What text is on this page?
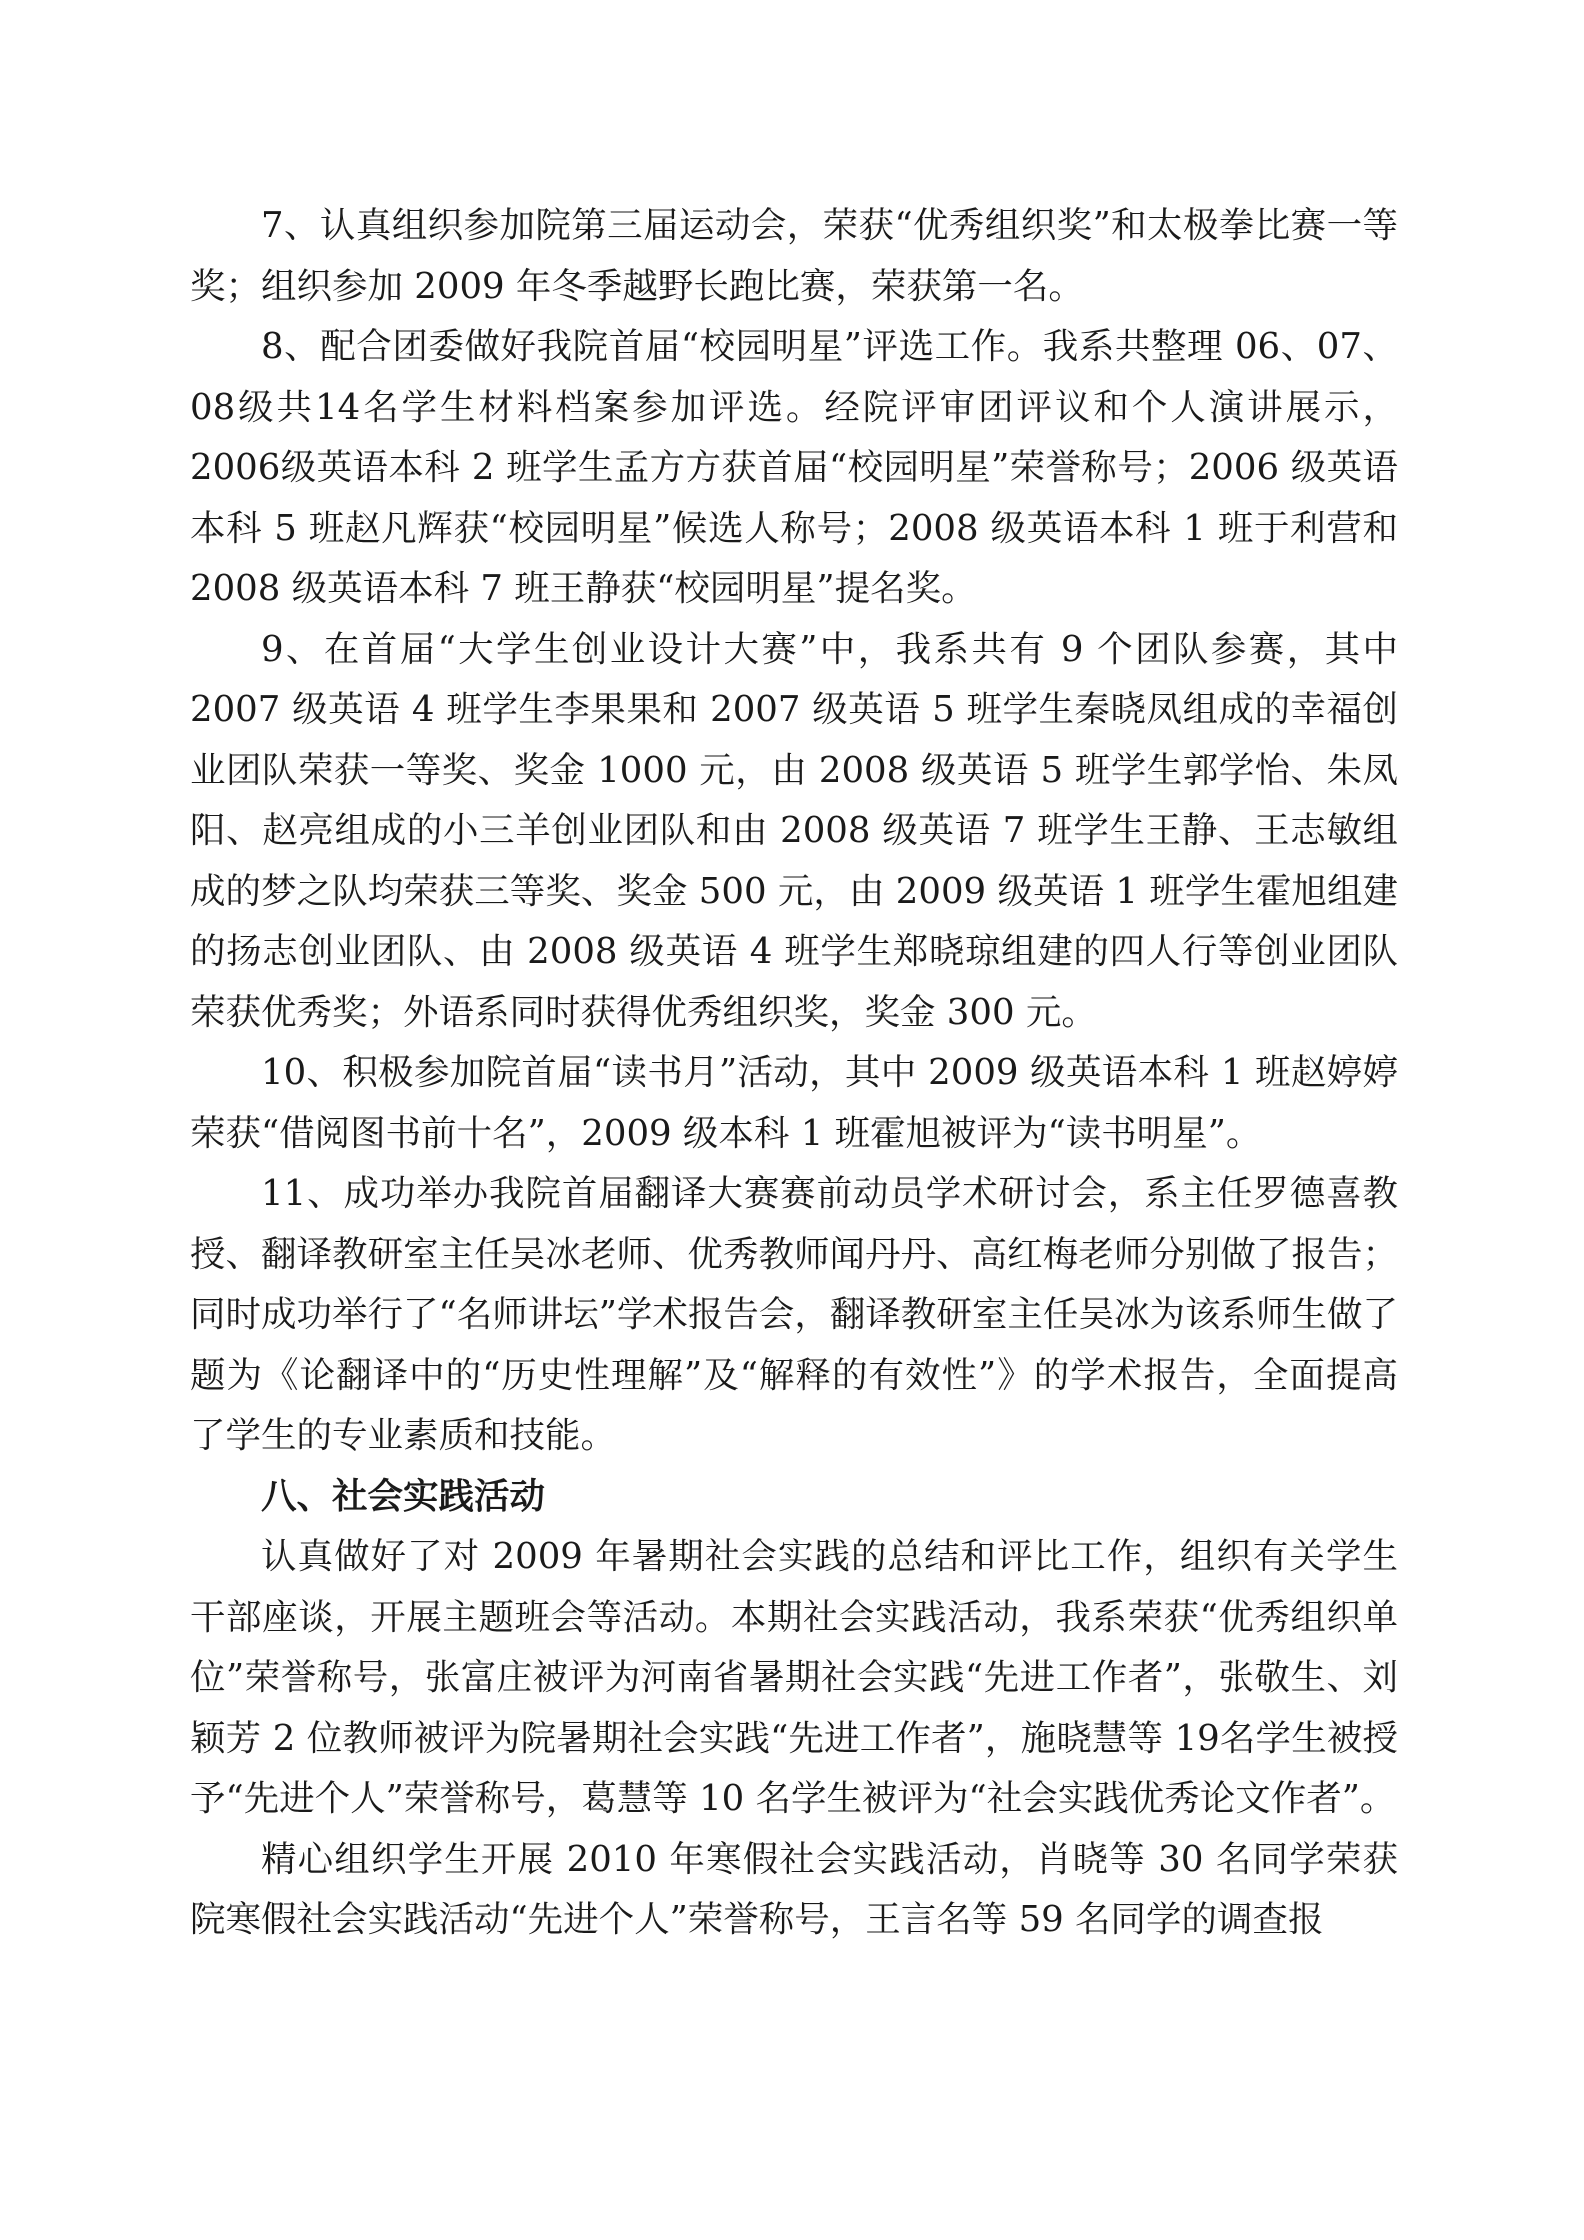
7、认真组织参加院第三届运动会，荣获“优秀组织奖”和太极拳比赛一等奖；组织参加 2009 年冬季越野长跑比赛，荣获第一名。

8、配合团委做好我院首届“校园明星”评选工作。我系共整理 06、07、08级共14名学生材料档案参加评选。经院评审团评议和个人演讲展示，2006级英语本科 2 班学生孟方方获首届“校园明星”荣誉称号；2006 级英语本科 5 班赵凡辉获“校园明星”候选人称号；2008 级英语本科 1 班于利营和2008 级英语本科 7 班王静获“校园明星”提名奖。

9、在首届“大学生创业设计大赛”中，我系共有 9 个团队参赛，其中2007 级英语 4 班学生李果果和 2007 级英语 5 班学生秦晓凤组成的幸福创业团队荣获一等奖、奖金 1000 元，由 2008 级英语 5 班学生郭学怡、朱凤阳、赵亮组成的小三羊创业团队和由 2008 级英语 7 班学生王静、王志敏组成的梦之队均荣获三等奖、奖金 500 元，由 2009 级英语 1 班学生霍旭组建的扬志创业团队、由 2008 级英语 4 班学生郑晓琼组建的四人行等创业团队荣获优秀奖；外语系同时获得优秀组织奖，奖金 300 元。

10、积极参加院首届“读书月”活动，其中 2009 级英语本科 1 班赵婷婷荣获“借阅图书前十名”，2009 级本科 1 班霍旭被评为“读书明星”。

11、成功举办我院首届翻译大赛赛前动员学术研讨会，系主任罗德喜教授、翻译教研室主任吴冰老师、优秀教师闻丹丹、高红梅老师分别做了报告；同时成功举行了“名师讲坛”学术报告会，翻译教研室主任吴冰为该系师生做了题为《论翻译中的“历史性理解”及“解释的有效性”》的学术报告，全面提高了学生的专业素质和技能。

八、社会实践活动

认真做好了对 2009 年暑期社会实践的总结和评比工作，组织有关学生干部座谈，开展主题班会等活动。本期社会实践活动，我系荣获“优秀组织单位”荣誉称号，张富庄被评为河南省暑期社会实践“先进工作者”，张敬生、刘颖芳 2 位教师被评为院暑期社会实践“先进工作者”，施晓慧等 19名学生被授予“先进个人”荣誉称号，葛慧等 10 名学生被评为“社会实践优秀论文作者”。

精心组织学生开展 2010 年寒假社会实践活动，肖晓等 30 名同学荣获院寒假社会实践活动“先进个人”荣誉称号，王言名等 59 名同学的调查报
